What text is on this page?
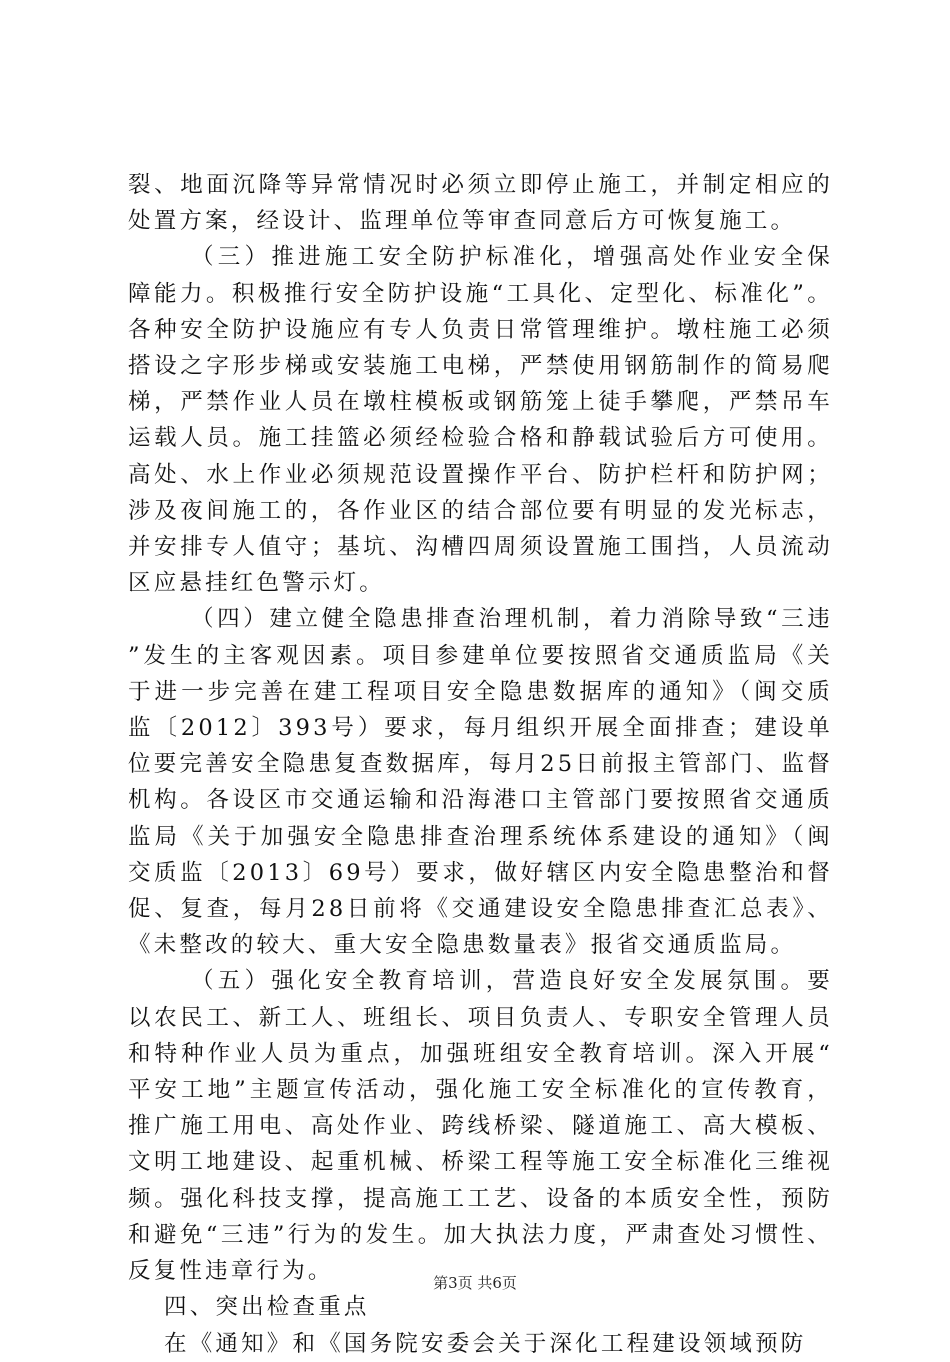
裂、地面沉降等异常情况时必须立即停止施工，并制定相应的处置方案，经设计、监理单位等审查同意后方可恢复施工。

（三）推进施工安全防护标准化，增强高处作业安全保障能力。积极推行安全防护设施“工具化、定型化、标准化”。各种安全防护设施应有专人负责日常管理维护。墩柱施工必须搭设之字形步梯或安装施工电梯，严禁使用钢筋制作的简易爬梯，严禁作业人员在墩柱模板或钢筋笼上徒手攀爬，严禁吊车运载人员。施工挂篮必须经检验合格和静载试验后方可使用。高处、水上作业必须规范设置操作平台、防护栏杆和防护网；涉及夜间施工的，各作业区的结合部位要有明显的发光标志，并安排专人值守；基坑、沟槽四周须设置施工围挡，人员流动区应悬挂红色警示灯。

（四）建立健全隐患排查治理机制，着力消除导致“三违”发生的主客观因素。项目参建单位要按照省交通质监局《关于进一步完善在建工程项目安全隐患数据库的通知》（闽交质监〔2012〕393号）要求，每月组织开展全面排查；建设单位要完善安全隐患复查数据库，每月25日前报主管部门、监督机构。各设区市交通运输和沿海港口主管部门要按照省交通质监局《关于加强安全隐患排查治理系统体系建设的通知》（闽交质监〔2013〕69号）要求，做好辖区内安全隐患整治和督促、复查，每月28日前将《交通建设安全隐患排查汇总表》、《未整改的较大、重大安全隐患数量表》报省交通质监局。

（五）强化安全教育培训，营造良好安全发展氛围。要以农民工、新工人、班组长、项目负责人、专职安全管理人员和特种作业人员为重点，加强班组安全教育培训。深入开展“平安工地”主题宣传活动，强化施工安全标准化的宣传教育，推广施工用电、高处作业、跨线桥梁、隧道施工、高大模板、文明工地建设、起重机械、桥梁工程等施工安全标准化三维视频。强化科技支撑，提高施工工艺、设备的本质安全性，预防和避免“三违”行为的发生。加大执法力度，严肃查处习惯性、反复性违章行为。

四、突出检查重点

在《通知》和《国务院安委会关于深化工程建设领域预防

第3页 共6页
